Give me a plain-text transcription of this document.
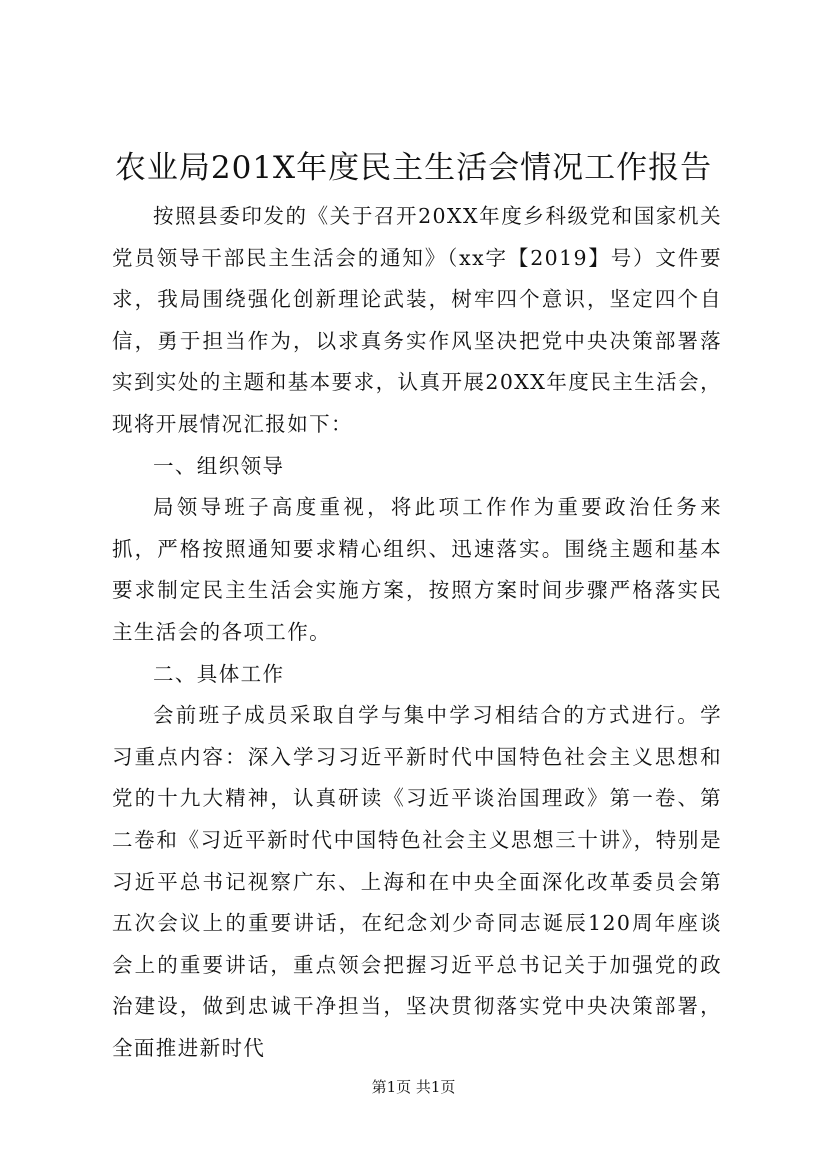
农业局201X年度民主生活会情况工作报告

按照县委印发的《关于召开20XX年度乡科级党和国家机关党员领导干部民主生活会的通知》（xx字【2019】号）文件要求，我局围绕强化创新理论武装，树牢四个意识，坚定四个自信，勇于担当作为，以求真务实作风坚决把党中央决策部署落实到实处的主题和基本要求，认真开展20XX年度民主生活会，现将开展情况汇报如下：

一、组织领导

局领导班子高度重视，将此项工作作为重要政治任务来抓，严格按照通知要求精心组织、迅速落实。围绕主题和基本要求制定民主生活会实施方案，按照方案时间步骤严格落实民主生活会的各项工作。

二、具体工作

会前班子成员采取自学与集中学习相结合的方式进行。学习重点内容：深入学习习近平新时代中国特色社会主义思想和党的十九大精神，认真研读《习近平谈治国理政》第一卷、第二卷和《习近平新时代中国特色社会主义思想三十讲》，特别是习近平总书记视察广东、上海和在中央全面深化改革委员会第五次会议上的重要讲话，在纪念刘少奇同志诞辰120周年座谈会上的重要讲话，重点领会把握习近平总书记关于加强党的政治建设，做到忠诚干净担当，坚决贯彻落实党中央决策部署，全面推进新时代

第1页 共1页
